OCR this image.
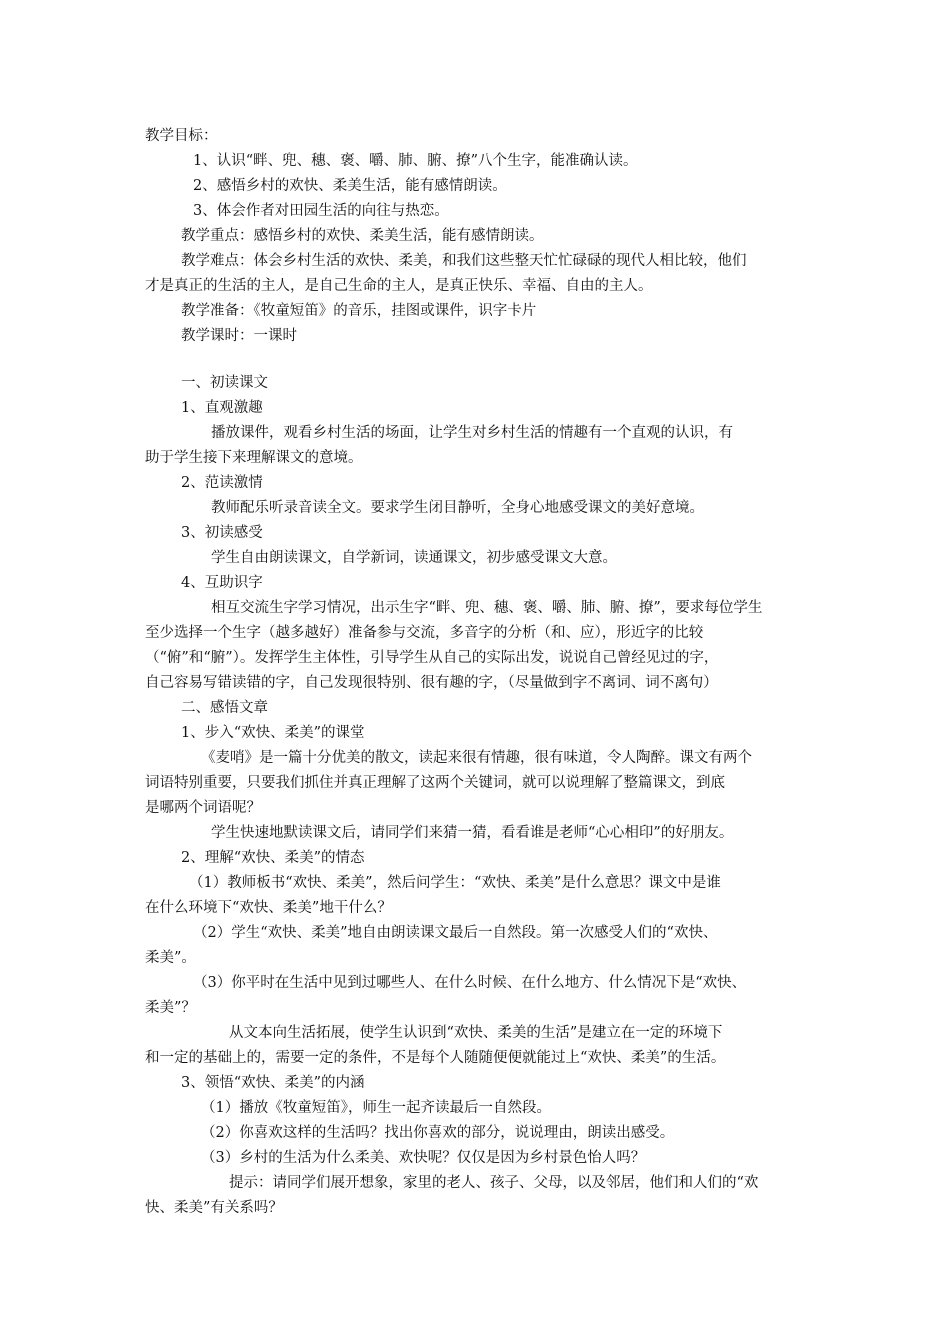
教学目标：
1、认识“畔、兜、穗、褒、嚼、肺、腑、撩”八个生字，能准确认读。
2、感悟乡村的欢快、柔美生活，能有感情朗读。
3、体会作者对田园生活的向往与热恋。
教学重点：感悟乡村的欢快、柔美生活，能有感情朗读。
教学难点：体会乡村生活的欢快、柔美，和我们这些整天忙忙碌碌的现代人相比较，他们
才是真正的生活的主人，是自己生命的主人，是真正快乐、幸福、自由的主人。
教学准备：《牧童短笛》的音乐，挂图或课件，识字卡片
教学课时：一课时
一、初读课文
1、直观激趣
播放课件，观看乡村生活的场面，让学生对乡村生活的情趣有一个直观的认识，有
助于学生接下来理解课文的意境。
2、范读激情
教师配乐听录音读全文。要求学生闭目静听，全身心地感受课文的美好意境。
3、初读感受
学生自由朗读课文，自学新词，读通课文，初步感受课文大意。
4、互助识字
相互交流生字学习情况，出示生字“畔、兜、穗、褒、嚼、肺、腑、撩”，要求每位学生
至少选择一个生字（越多越好）准备参与交流，多音字的分析（和、应），形近字的比较
（“俯”和“腑”）。发挥学生主体性，引导学生从自己的实际出发，说说自己曾经见过的字，
自己容易写错读错的字，自己发现很特别、很有趣的字，（尽量做到字不离词、词不离句）
二、感悟文章
1、步入“欢快、柔美”的课堂
《麦哨》是一篇十分优美的散文，读起来很有情趣，很有味道，令人陶醉。课文有两个
词语特别重要，只要我们抓住并真正理解了这两个关键词，就可以说理解了整篇课文，到底
是哪两个词语呢？
学生快速地默读课文后，请同学们来猜一猜，看看谁是老师“心心相印”的好朋友。
2、理解“欢快、柔美”的情态
（1）教师板书“欢快、柔美”，然后问学生：“欢快、柔美”是什么意思？课文中是谁
在什么环境下“欢快、柔美”地干什么？
（2）学生“欢快、柔美”地自由朗读课文最后一自然段。第一次感受人们的“欢快、
柔美”。
（3）你平时在生活中见到过哪些人、在什么时候、在什么地方、什么情况下是“欢快、
柔美”？
从文本向生活拓展，使学生认识到“欢快、柔美的生活”是建立在一定的环境下
和一定的基础上的，需要一定的条件，不是每个人随随便便就能过上“欢快、柔美”的生活。
3、领悟“欢快、柔美”的内涵
（1）播放《牧童短笛》，师生一起齐读最后一自然段。
（2）你喜欢这样的生活吗？找出你喜欢的部分，说说理由，朗读出感受。
（3）乡村的生活为什么柔美、欢快呢？仅仅是因为乡村景色怡人吗？
提示：请同学们展开想象，家里的老人、孩子、父母，以及邻居，他们和人们的“欢
快、柔美”有关系吗？
